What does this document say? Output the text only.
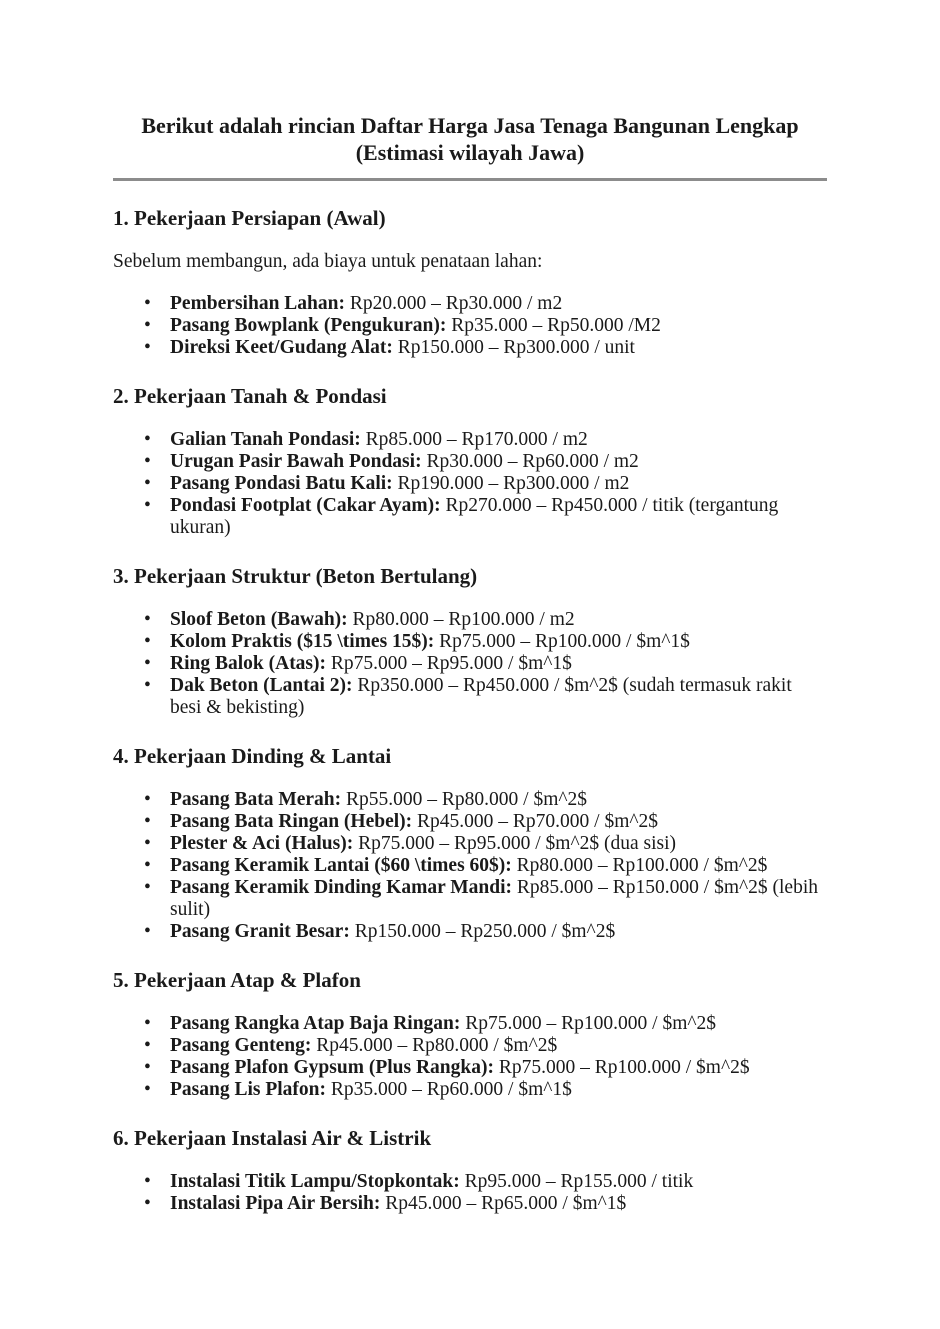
Berikut adalah rincian Daftar Harga Jasa Tenaga Bangunan Lengkap
(Estimasi wilayah Jawa)
1. Pekerjaan Persiapan (Awal)

Sebelum membangun, ada biaya untuk penataan lahan:

• Pembersihan Lahan: Rp20.000 – Rp30.000 / m2
• Pasang Bowplank (Pengukuran): Rp35.000 – Rp50.000 /M2
• Direksi Keet/Gudang Alat: Rp150.000 – Rp300.000 / unit
2. Pekerjaan Tanah & Pondasi
• Galian Tanah Pondasi: Rp85.000 – Rp170.000 / m2
• Urugan Pasir Bawah Pondasi: Rp30.000 – Rp60.000 / m2
• Pasang Pondasi Batu Kali: Rp190.000 – Rp300.000 / m2
• Pondasi Footplat (Cakar Ayam): Rp270.000 – Rp450.000 / titik (tergantung ukuran)
3. Pekerjaan Struktur (Beton Bertulang)
• Sloof Beton (Bawah): Rp80.000 – Rp100.000 / m2
• Kolom Praktis ($15 \times 15$): Rp75.000 – Rp100.000 / $m^1$
• Ring Balok (Atas): Rp75.000 – Rp95.000 / $m^1$
• Dak Beton (Lantai 2): Rp350.000 – Rp450.000 / $m^2$ (sudah termasuk rakit besi & bekisting)
4. Pekerjaan Dinding & Lantai
• Pasang Bata Merah: Rp55.000 – Rp80.000 / $m^2$
• Pasang Bata Ringan (Hebel): Rp45.000 – Rp70.000 / $m^2$
• Plester & Aci (Halus): Rp75.000 – Rp95.000 / $m^2$ (dua sisi)
• Pasang Keramik Lantai ($60 \times 60$): Rp80.000 – Rp100.000 / $m^2$
• Pasang Keramik Dinding Kamar Mandi: Rp85.000 – Rp150.000 / $m^2$ (lebih sulit)
• Pasang Granit Besar: Rp150.000 – Rp250.000 / $m^2$
5. Pekerjaan Atap & Plafon
• Pasang Rangka Atap Baja Ringan: Rp75.000 – Rp100.000 / $m^2$
• Pasang Genteng: Rp45.000 – Rp80.000 / $m^2$
• Pasang Plafon Gypsum (Plus Rangka): Rp75.000 – Rp100.000 / $m^2$
• Pasang Lis Plafon: Rp35.000 – Rp60.000 / $m^1$
6. Pekerjaan Instalasi Air & Listrik
• Instalasi Titik Lampu/Stopkontak: Rp95.000 – Rp155.000 / titik
• Instalasi Pipa Air Bersih: Rp45.000 – Rp65.000 / $m^1$
